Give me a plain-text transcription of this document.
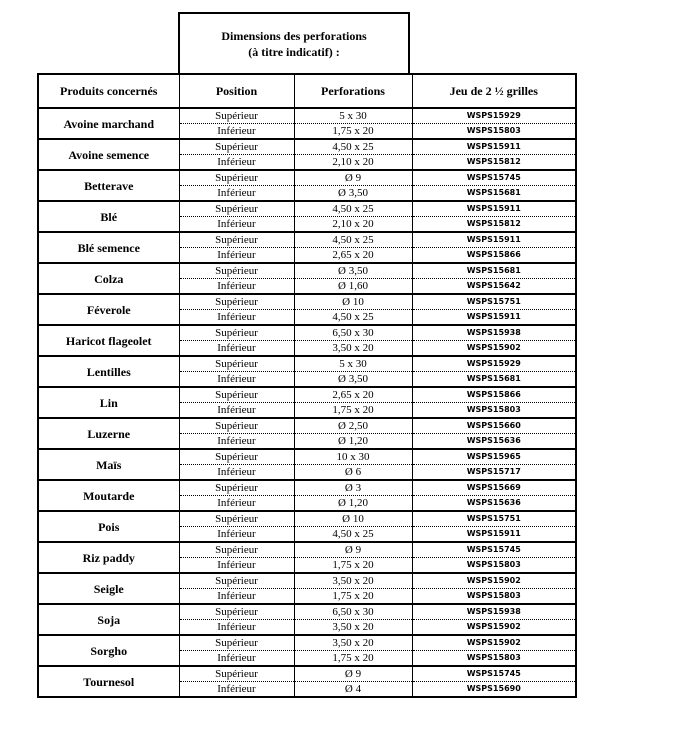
Dimensions des perforations
(à titre indicatif) :
Produits concernés	Position	Perforations	Jeu de 2 ½ grilles
Avoine marchand	Supérieur	5 x 30	WSPS15929
	Inférieur	1,75 x 20	WSPS15803
Avoine semence	Supérieur	4,50 x 25	WSPS15911
	Inférieur	2,10 x 20	WSPS15812
Betterave	Supérieur	Ø 9	WSPS15745
	Inférieur	Ø 3,50	WSPS15681
Blé	Supérieur	4,50 x 25	WSPS15911
	Inférieur	2,10 x 20	WSPS15812
Blé semence	Supérieur	4,50 x 25	WSPS15911
	Inférieur	2,65 x 20	WSPS15866
Colza	Supérieur	Ø 3,50	WSPS15681
	Inférieur	Ø 1,60	WSPS15642
Féverole	Supérieur	Ø 10	WSPS15751
	Inférieur	4,50 x 25	WSPS15911
Haricot flageolet	Supérieur	6,50 x 30	WSPS15938
	Inférieur	3,50 x 20	WSPS15902
Lentilles	Supérieur	5 x 30	WSPS15929
	Inférieur	Ø 3,50	WSPS15681
Lin	Supérieur	2,65 x 20	WSPS15866
	Inférieur	1,75 x 20	WSPS15803
Luzerne	Supérieur	Ø 2,50	WSPS15660
	Inférieur	Ø 1,20	WSPS15636
Maïs	Supérieur	10 x 30	WSPS15965
	Inférieur	Ø 6	WSPS15717
Moutarde	Supérieur	Ø 3	WSPS15669
	Inférieur	Ø 1,20	WSPS15636
Pois	Supérieur	Ø 10	WSPS15751
	Inférieur	4,50 x 25	WSPS15911
Riz paddy	Supérieur	Ø 9	WSPS15745
	Inférieur	1,75 x 20	WSPS15803
Seigle	Supérieur	3,50 x 20	WSPS15902
	Inférieur	1,75 x 20	WSPS15803
Soja	Supérieur	6,50 x 30	WSPS15938
	Inférieur	3,50 x 20	WSPS15902
Sorgho	Supérieur	3,50 x 20	WSPS15902
	Inférieur	1,75 x 20	WSPS15803
Tournesol	Supérieur	Ø 9	WSPS15745
	Inférieur	Ø 4	WSPS15690
